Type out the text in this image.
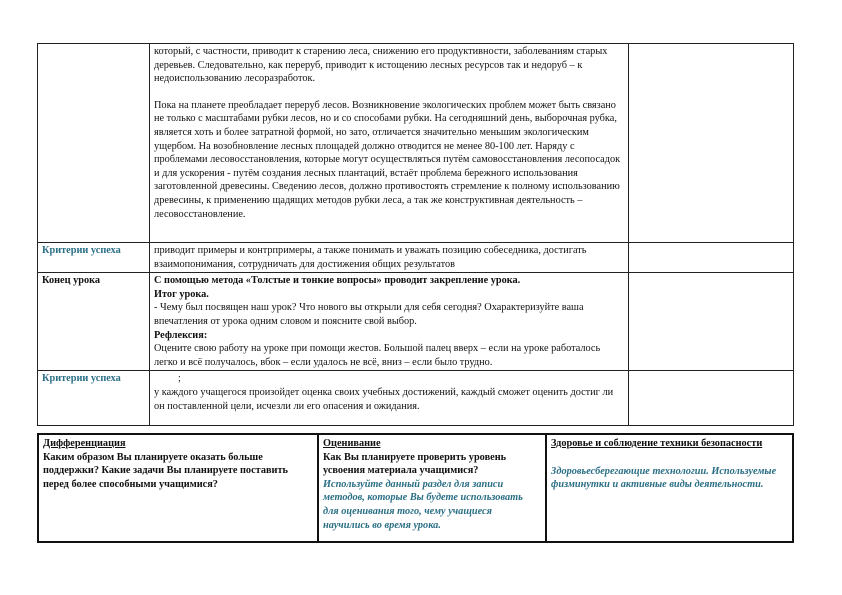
	который, с частности, приводит к старению леса, снижению его продуктивности, заболеваниям старых деревьев. Следовательно, как переруб, приводит к истощению лесных ресурсов так и недоруб – к недоиспользованию лесоразработок.

Пока на планете преобладает переруб лесов. Возникновение экологических проблем может быть связано не только с масштабами рубки лесов, но и со способами рубки. На сегодняшний день, выборочная рубка, является хоть и более затратной формой, но зато, отличается значительно меньшим экологическим ущербом. На возобновление лесных площадей должно отводится не менее 80-100 лет. Наряду с проблемами лесовосстановления, которые могут осуществляться путём самовосстановления лесопосадок и для ускорения - путём создания лесных плантаций, встаёт проблема бережного использования заготовленной древесины. Сведению лесов, должно противостоять стремление к полному использованию древесины, к применению щадящих методов рубки леса, а так же конструктивная деятельность – лесовосстановление.	

Критерии успеха	приводит примеры и контрпримеры, а также понимать и уважать позицию собеседника, достигать взаимопонимания, сотрудничать для достижения общих результатов	
Конец урока	С помощью метода «Толстые и тонкие вопросы» проводит закрепление урока.
Итог урока.
- Чему был посвящен наш урок? Что нового вы открыли для себя сегодня? Охарактеризуйте ваша впечатления от урока одним словом и поясните свой выбор.
Рефлексия:
Оцените свою работу на уроке при помощи жестов. Большой палец вверх – если на уроке работалось легко и всё получалось, вбок – если удалось не всё, вниз – если было трудно.	

Критерии успеха	;
у каждого учащегося произойдет оценка своих учебных достижений, каждый сможет оценить достиг ли он поставленной цели, исчезли ли его опасения и ожидания.	

Дифференциация
Каким образом Вы планируете оказать больше поддержки? Какие задачи Вы планируете поставить перед более способными учащимися?

Оценивание
Как Вы планируете проверить уровень усвоения материала учащимися?
Используйте данный раздел для записи методов, которые Вы будете использовать для оценивания того, чему учащиеся научились во время урока.

Здоровье и соблюдение техники безопасности
Здоровьесберегающие технологии. Используемые физминутки и активные виды деятельности.
